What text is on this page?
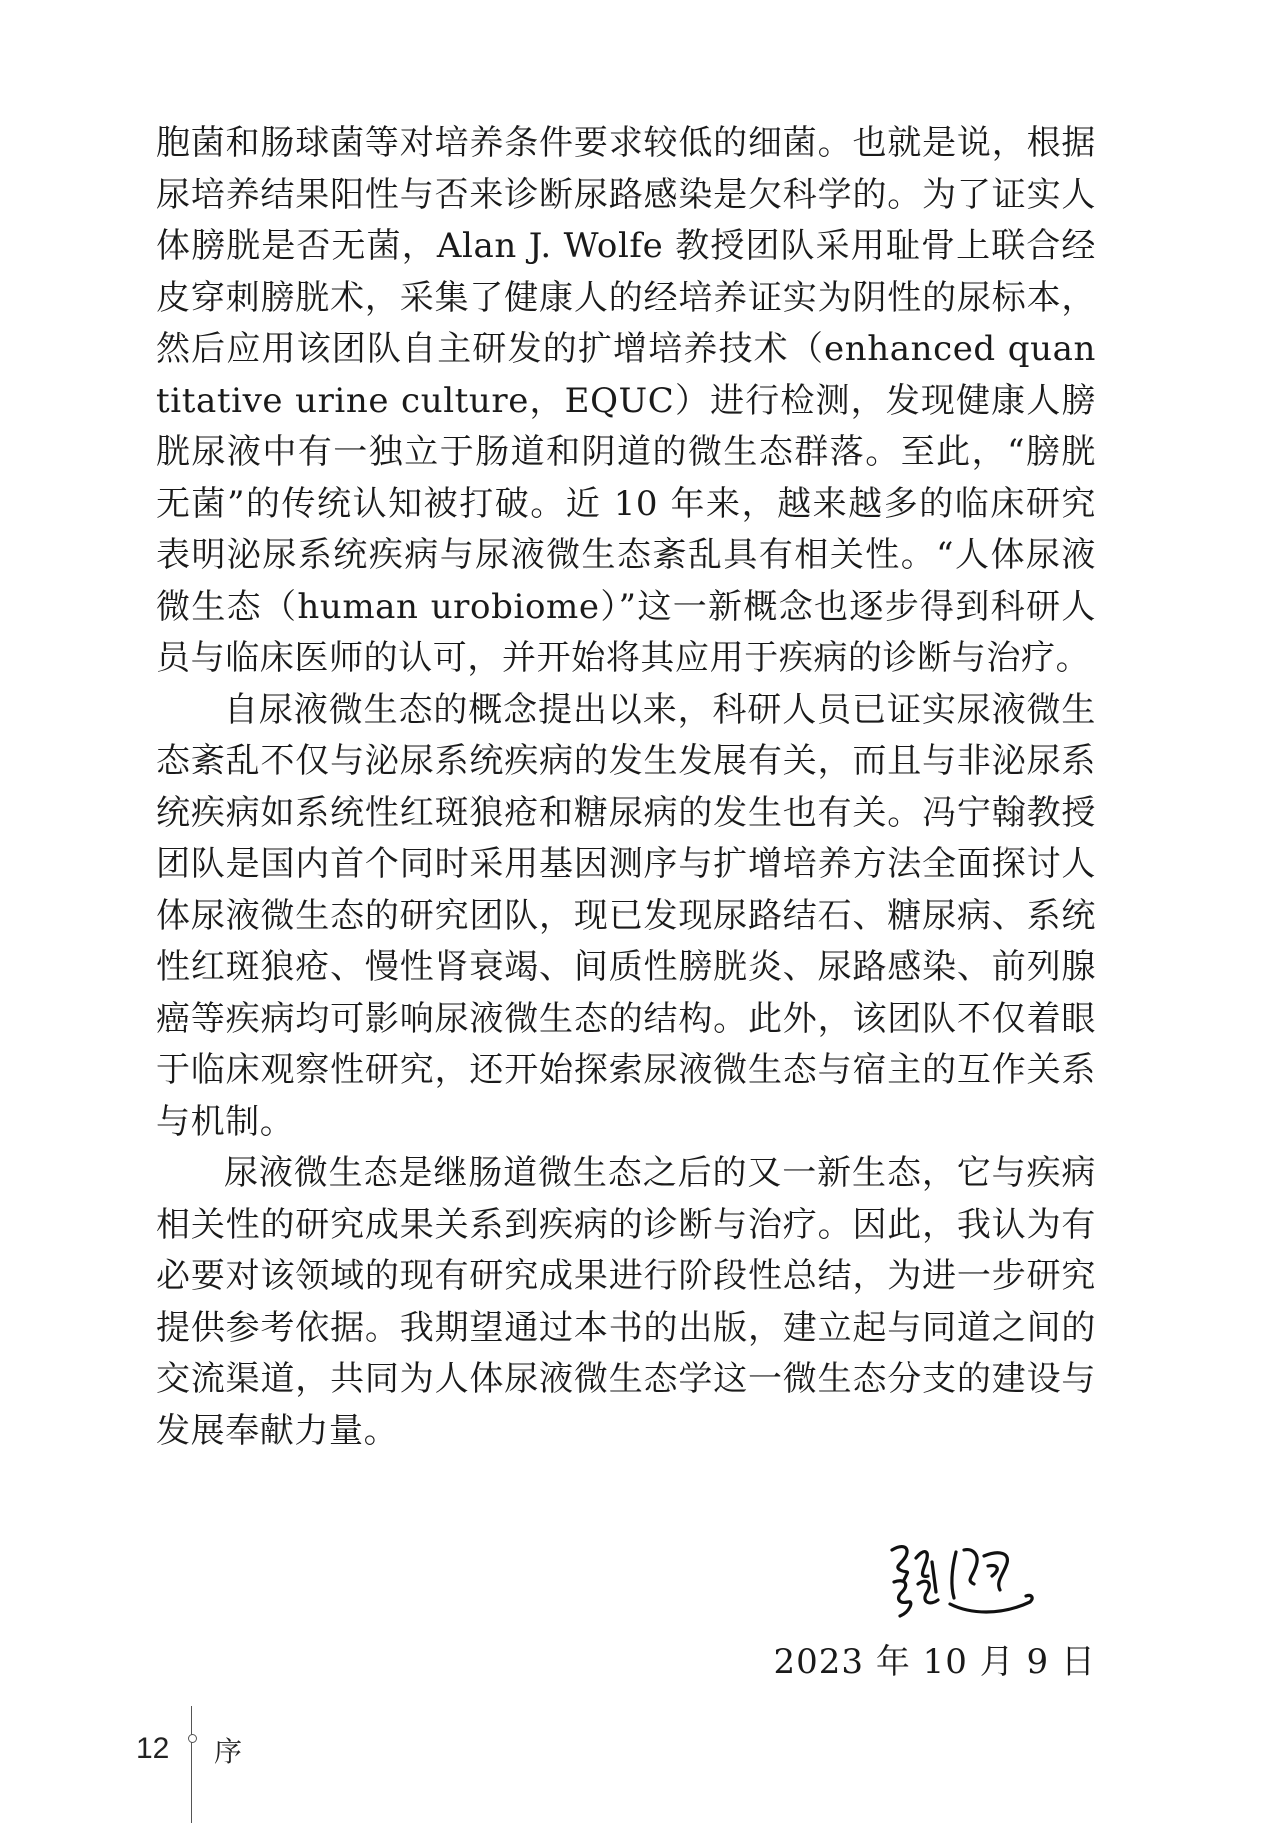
胞菌和肠球菌等对培养条件要求较低的细菌。也就是说，根据尿培养结果阳性与否来诊断尿路感染是欠科学的。为了证实人体膀胱是否无菌，Alan J. Wolfe 教授团队采用耻骨上联合经皮穿刺膀胱术，采集了健康人的经培养证实为阴性的尿标本，然后应用该团队自主研发的扩增培养技术（enhanced quantitative urine culture，EQUC）进行检测，发现健康人膀胱尿液中有一独立于肠道和阴道的微生态群落。至此，“膀胱无菌”的传统认知被打破。近 10 年来，越来越多的临床研究表明泌尿系统疾病与尿液微生态紊乱具有相关性。“人体尿液微生态（human urobiome）”这一新概念也逐步得到科研人员与临床医师的认可，并开始将其应用于疾病的诊断与治疗。

自尿液微生态的概念提出以来，科研人员已证实尿液微生态紊乱不仅与泌尿系统疾病的发生发展有关，而且与非泌尿系统疾病如系统性红斑狼疮和糖尿病的发生也有关。冯宁翰教授团队是国内首个同时采用基因测序与扩增培养方法全面探讨人体尿液微生态的研究团队，现已发现尿路结石、糖尿病、系统性红斑狼疮、慢性肾衰竭、间质性膀胱炎、尿路感染、前列腺癌等疾病均可影响尿液微生态的结构。此外，该团队不仅着眼于临床观察性研究，还开始探索尿液微生态与宿主的互作关系与机制。

尿液微生态是继肠道微生态之后的又一新生态，它与疾病相关性的研究成果关系到疾病的诊断与治疗。因此，我认为有必要对该领域的现有研究成果进行阶段性总结，为进一步研究提供参考依据。我期望通过本书的出版，建立起与同道之间的交流渠道，共同为人体尿液微生态学这一微生态分支的建设与发展奉献力量。

2023 年 10 月 9 日
12 序
